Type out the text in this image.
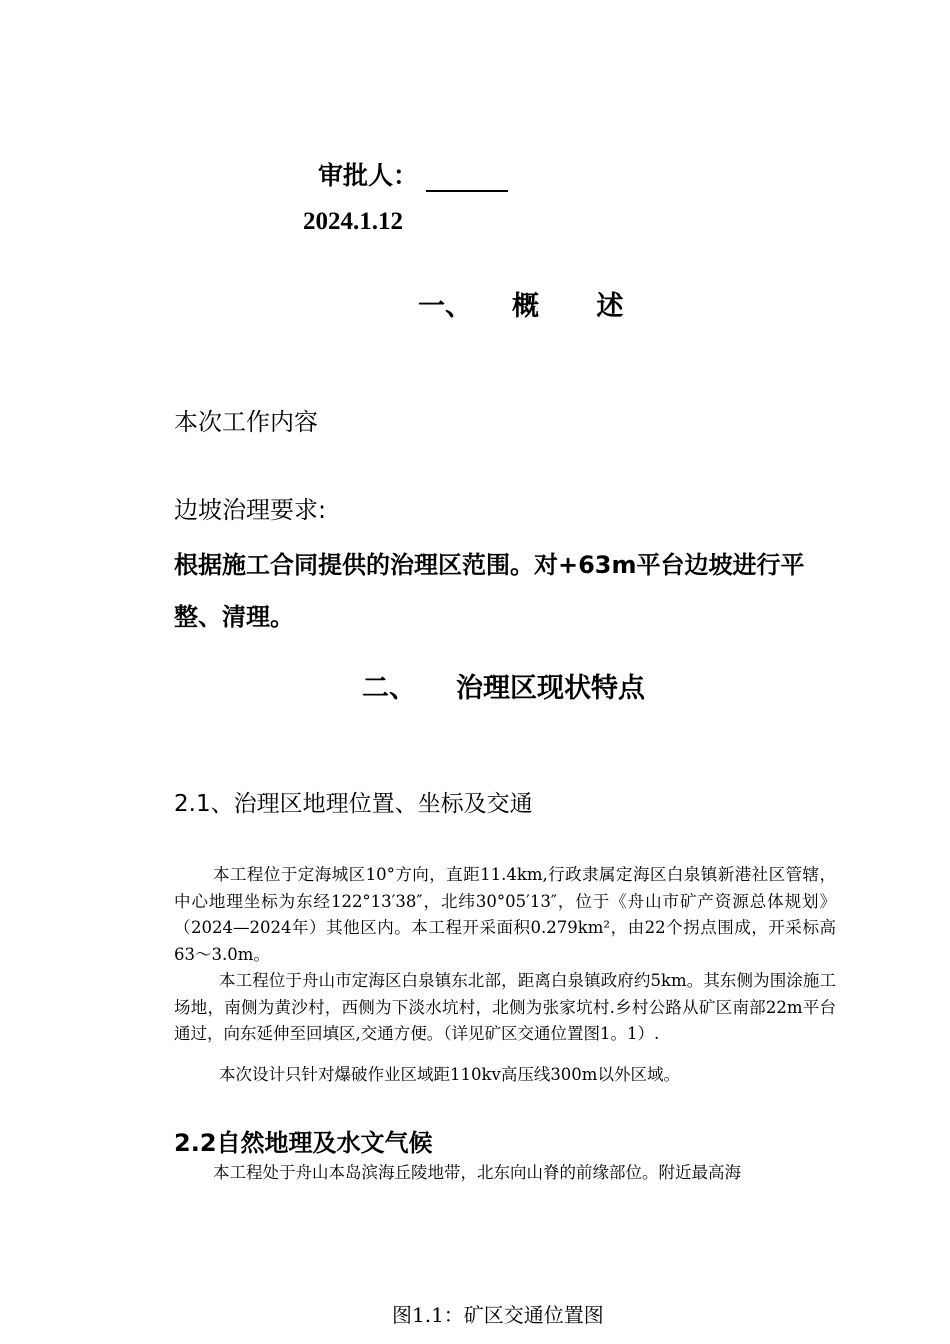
审批人：
2024.1.12
一、 概 述
本次工作内容
边坡治理要求:
根据施工合同提供的治理区范围。对+63m平台边坡进行平整、清理。
二、 治理区现状特点
2.1、治理区地理位置、坐标及交通
本工程位于定海城区10°方向，直距11.4km,行政隶属定海区白泉镇新港社区管辖，中心地理坐标为东经122°13′38″，北纬30°05′13″，位于《舟山市矿产资源总体规划》（2024—2024年）其他区内。本工程开采面积0.279km²，由22个拐点围成，开采标高63～3.0m。
本工程位于舟山市定海区白泉镇东北部，距离白泉镇政府约5km。其东侧为围涂施工场地，南侧为黄沙村，西侧为下淡水坑村，北侧为张家坑村.乡村公路从矿区南部22m平台通过，向东延伸至回填区,交通方便。（详见矿区交通位置图1。1）.
本次设计只针对爆破作业区域距110kv高压线300m以外区域。
2.2自然地理及水文气候
本工程处于舟山本岛滨海丘陵地带，北东向山脊的前缘部位。附近最高海
图1.1：矿区交通位置图
